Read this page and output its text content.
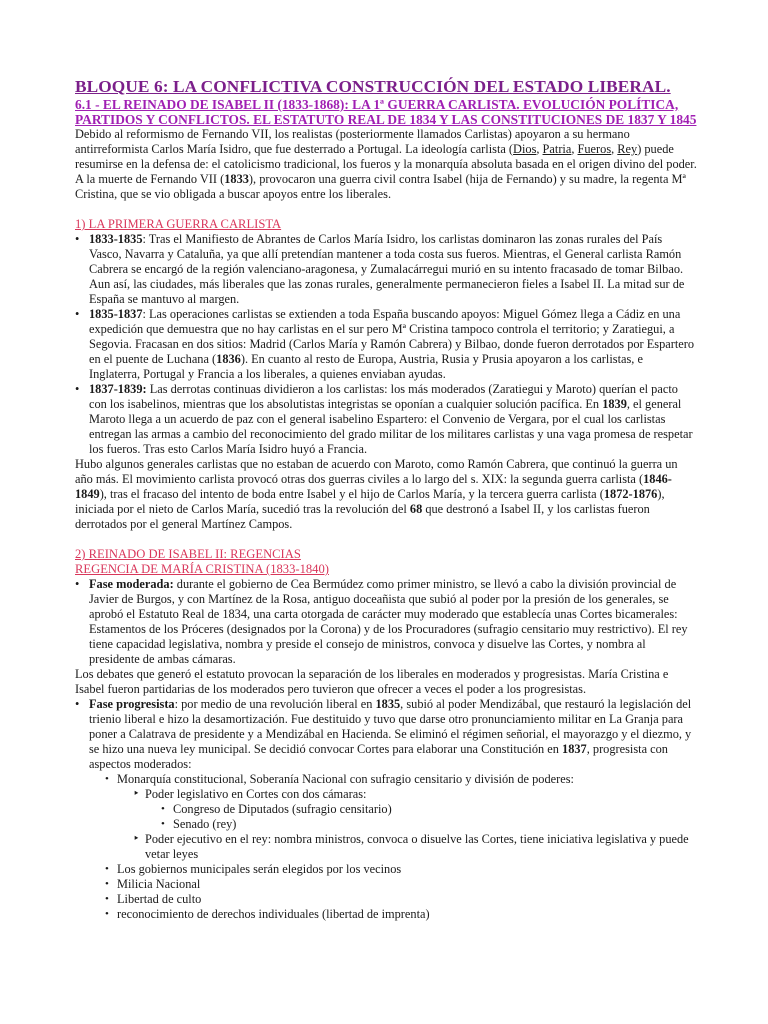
BLOQUE 6: LA CONFLICTIVA CONSTRUCCIÓN DEL ESTADO LIBERAL.
6.1 - EL REINADO DE ISABEL II (1833-1868): LA 1ª GUERRA CARLISTA. EVOLUCIÓN POLÍTICA, PARTIDOS Y CONFLICTOS. EL ESTATUTO REAL DE 1834 Y LAS CONSTITUCIONES DE 1837 Y 1845

Debido al reformismo de Fernando VII, los realistas (posteriormente llamados Carlistas) apoyaron a su hermano antirreformista Carlos María Isidro, que fue desterrado a Portugal. La ideología carlista (Dios, Patria, Fueros, Rey) puede resumirse en la defensa de: el catolicismo tradicional, los fueros y la monarquía absoluta basada en el origen divino del poder. A la muerte de Fernando VII (1833), provocaron una guerra civil contra Isabel (hija de Fernando) y su madre, la regenta Mª Cristina, que se vio obligada a buscar apoyos entre los liberales.

1) LA PRIMERA GUERRA CARLISTA

• 1833-1835: Tras el Manifiesto de Abrantes de Carlos María Isidro, los carlistas dominaron las zonas rurales del País Vasco, Navarra y Cataluña, ya que allí pretendían mantener a toda costa sus fueros. Mientras, el General carlista Ramón Cabrera se encargó de la región valenciano-aragonesa, y Zumalacárregui murió en su intento fracasado de tomar Bilbao. Aun así, las ciudades, más liberales que las zonas rurales, generalmente permanecieron fieles a Isabel II. La mitad sur de España se mantuvo al margen.

• 1835-1837: Las operaciones carlistas se extienden a toda España buscando apoyos: Miguel Gómez llega a Cádiz en una expedición que demuestra que no hay carlistas en el sur pero Mª Cristina tampoco controla el territorio; y Zaratiegui, a Segovia. Fracasan en dos sitios: Madrid (Carlos María y Ramón Cabrera) y Bilbao, donde fueron derrotados por Espartero en el puente de Luchana (1836). En cuanto al resto de Europa, Austria, Rusia y Prusia apoyaron a los carlistas, e Inglaterra, Portugal y Francia a los liberales, a quienes enviaban ayudas.

• 1837-1839: Las derrotas continuas dividieron a los carlistas: los más moderados (Zaratiegui y Maroto) querían el pacto con los isabelinos, mientras que los absolutistas integristas se oponían a cualquier solución pacífica. En 1839, el general Maroto llega a un acuerdo de paz con el general isabelino Espartero: el Convenio de Vergara, por el cual los carlistas entregan las armas a cambio del reconocimiento del grado militar de los militares carlistas y una vaga promesa de respetar los fueros. Tras esto Carlos María Isidro huyó a Francia.

Hubo algunos generales carlistas que no estaban de acuerdo con Maroto, como Ramón Cabrera, que continuó la guerra un año más. El movimiento carlista provocó otras dos guerras civiles a lo largo del s. XIX: la segunda guerra carlista (1846-1849), tras el fracaso del intento de boda entre Isabel y el hijo de Carlos María, y la tercera guerra carlista (1872-1876), iniciada por el nieto de Carlos María, sucedió tras la revolución del 68 que destronó a Isabel II, y los carlistas fueron derrotados por el general Martínez Campos.

2) REINADO DE ISABEL II: REGENCIAS
REGENCIA DE MARÍA CRISTINA (1833-1840)

• Fase moderada: durante el gobierno de Cea Bermúdez como primer ministro, se llevó a cabo la división provincial de Javier de Burgos, y con Martínez de la Rosa, antiguo doceañista que subió al poder por la presión de los generales, se aprobó el Estatuto Real de 1834, una carta otorgada de carácter muy moderado que establecía unas Cortes bicamerales: Estamentos de los Próceres (designados por la Corona) y de los Procuradores (sufragio censitario muy restrictivo). El rey tiene capacidad legislativa, nombra y preside el consejo de ministros, convoca y disuelve las Cortes, y nombra al presidente de ambas cámaras.

Los debates que generó el estatuto provocan la separación de los liberales en moderados y progresistas. María Cristina e Isabel fueron partidarias de los moderados pero tuvieron que ofrecer a veces el poder a los progresistas.

• Fase progresista: por medio de una revolución liberal en 1835, subió al poder Mendizábal, que restauró la legislación del trienio liberal e hizo la desamortización. Fue destituido y tuvo que darse otro pronunciamiento militar en La Granja para poner a Calatrava de presidente y a Mendizábal en Hacienda. Se eliminó el régimen señorial, el mayorazgo y el diezmo, y se hizo una nueva ley municipal. Se decidió convocar Cortes para elaborar una Constitución en 1837, progresista con aspectos moderados:

• Monarquía constitucional, Soberanía Nacional con sufragio censitario y división de poderes:

‣ Poder legislativo en Cortes con dos cámaras:

• Congreso de Diputados (sufragio censitario)

• Senado (rey)

‣ Poder ejecutivo en el rey: nombra ministros, convoca o disuelve las Cortes, tiene iniciativa legislativa y puede vetar leyes

• Los gobiernos municipales serán elegidos por los vecinos

• Milicia Nacional

• Libertad de culto

• reconocimiento de derechos individuales (libertad de imprenta)
